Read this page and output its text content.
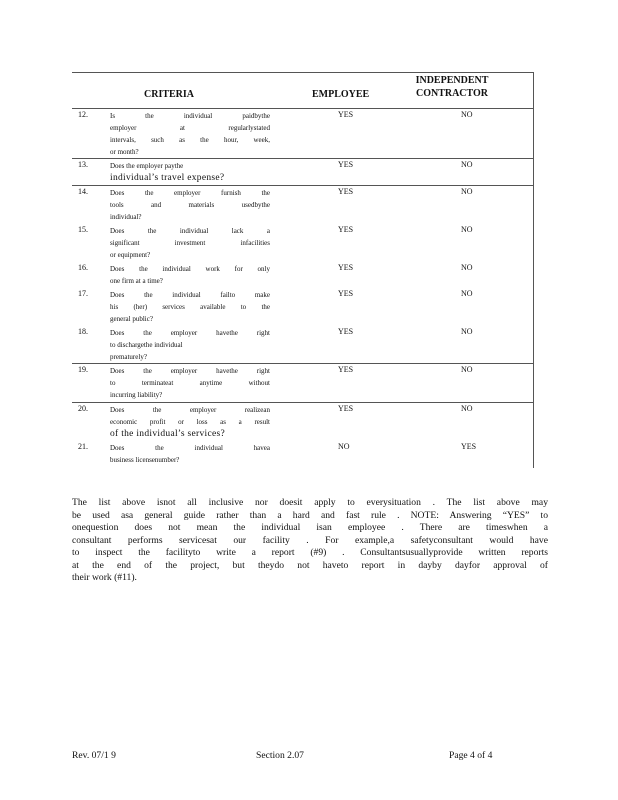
CRITERIA	EMPLOYEE
INDEPENDENT
CONTRACTOR
12.	Is the individual paidbythe
employer at regularlystated
intervals, such as the hour, week,
or month?
YES	NO
13.	Does the employer paythe
individual’s travel expense?
YES	NO
14.	Does the employer furnish the
tools and materials usedbythe
individual?
YES	NO
15.	Does the individual lack a
significant investment infacilities
or equipment?
YES	NO
16.	Does the individual work for only
one firm at a time?
YES	NO
17.	Does the individual failto make
his (her) services available to the
general public?
YES	NO
18.	Does the employer havethe right
to dischargethe individual
prematurely?
YES	NO
19.	Does the employer havethe right
to terminateat anytime without
incurring liability?
YES	NO
20.	Does the employer realizean
economic profit or loss as a result
of the individual’s services?
YES	NO
21.	Does the individual havea
business licensenumber?
NO	YES
The list above isnot all inclusive nor doesit apply to everysituation . The list above may
be used asa general guide rather than a hard and fast rule . NOTE: Answering “YES” to
onequestion does not mean the individual isan employee . There are timeswhen a
consultant performs servicesat our facility . For example,a safetyconsultant would have
to inspect the facilityto write a report (#9) . Consultantsusuallyprovide written reports
at the end of the project, but theydo not haveto report in dayby dayfor approval of
their work (#11).
Rev. 07/1 9	Section 2.07	Page 4 of 4
